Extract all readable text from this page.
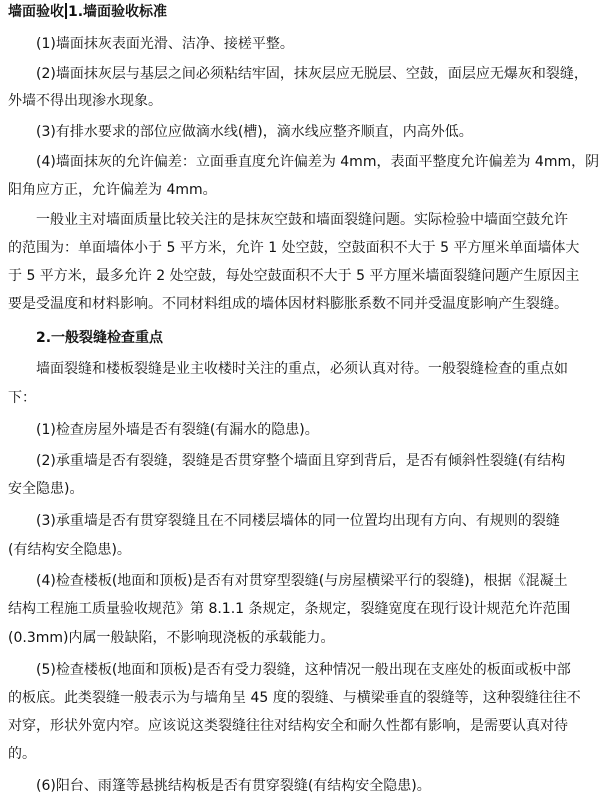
墙面验收 1.墙面验收标准
(1)墙面抹灰表面光滑、洁净、接槎平整。
(2)墙面抹灰层与基层之间必须粘结牢固，抹灰层应无脱层、空鼓，面层应无爆灰和裂缝，
外墙不得出现渗水现象。
(3)有排水要求的部位应做滴水线(槽)，滴水线应整齐顺直，内高外低。
(4)墙面抹灰的允许偏差：立面垂直度允许偏差为 4mm，表面平整度允许偏差为 4mm，阴
阳角应方正，允许偏差为 4mm。
一般业主对墙面质量比较关注的是抹灰空鼓和墙面裂缝问题。实际检验中墙面空鼓允许
的范围为：单面墙体小于 5 平方米，允许 1 处空鼓，空鼓面积不大于 5 平方厘米单面墙体大
于 5 平方米，最多允许 2 处空鼓，每处空鼓面积不大于 5 平方厘米墙面裂缝问题产生原因主
要是受温度和材料影响。不同材料组成的墙体因材料膨胀系数不同并受温度影响产生裂缝。
2.一般裂缝检查重点
墙面裂缝和楼板裂缝是业主收楼时关注的重点，必须认真对待。一般裂缝检查的重点如
下：
(1)检查房屋外墙是否有裂缝(有漏水的隐患)。
(2)承重墙是否有裂缝，裂缝是否贯穿整个墙面且穿到背后，是否有倾斜性裂缝(有结构
安全隐患)。
(3)承重墙是否有贯穿裂缝且在不同楼层墙体的同一位置均出现有方向、有规则的裂缝
(有结构安全隐患)。
(4)检查楼板(地面和顶板)是否有对贯穿型裂缝(与房屋横梁平行的裂缝)，根据《混凝土
结构工程施工质量验收规范》第 8.1.1 条规定，条规定，裂缝宽度在现行设计规范允许范围
(0.3mm)内属一般缺陷，不影响现浇板的承载能力。
(5)检查楼板(地面和顶板)是否有受力裂缝，这种情况一般出现在支座处的板面或板中部
的板底。此类裂缝一般表示为与墙角呈 45 度的裂缝、与横梁垂直的裂缝等，这种裂缝往往不
对穿，形状外宽内窄。应该说这类裂缝往往对结构安全和耐久性都有影响，是需要认真对待
的。
(6)阳台、雨篷等悬挑结构板是否有贯穿裂缝(有结构安全隐患)。
